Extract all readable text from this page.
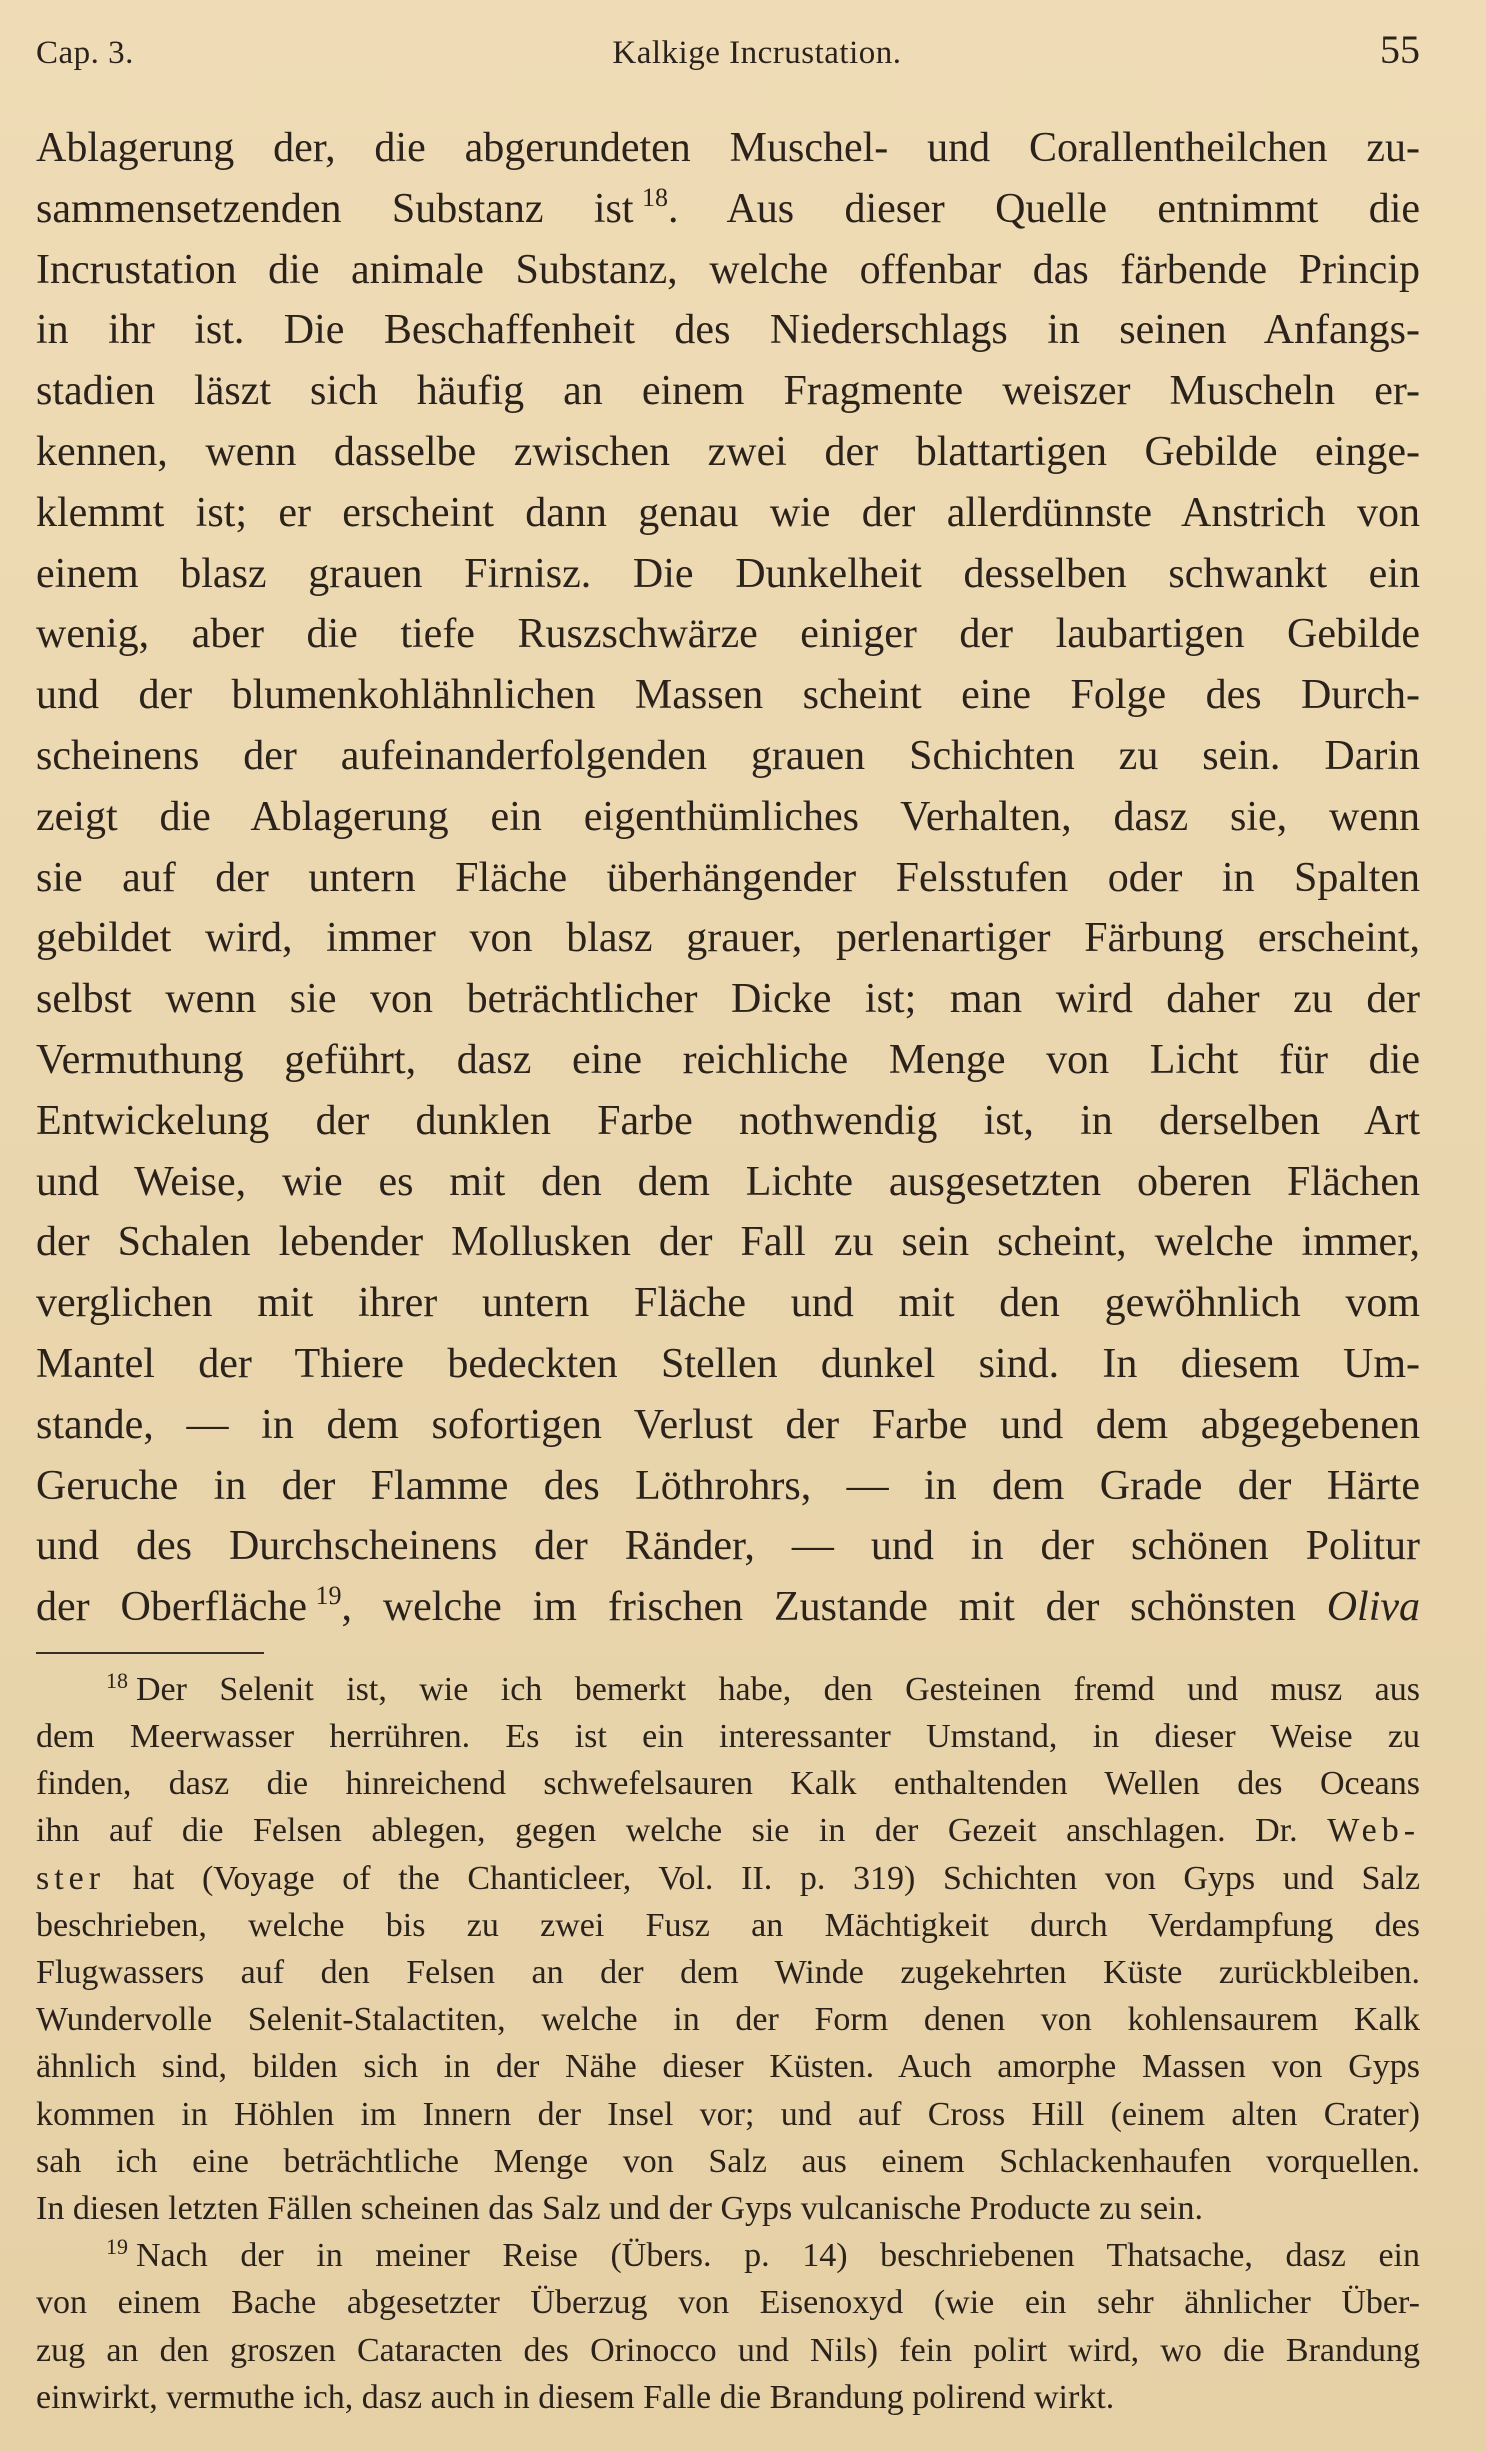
Cap. 3.	Kalkige Incrustation.	55
Ablagerung der, die abgerundeten Muschel- und Corallentheilchen zu-
sammensetzenden Substanz ist  $^{18}$. Aus dieser Quelle entnimmt die
Incrustation die animale Substanz, welche offenbar das färbende Princip
in ihr ist. Die Beschaffenheit des Niederschlags in seinen Anfangs-
stadien läszt sich häufig an einem Fragmente weiszer Muscheln er-
kennen, wenn dasselbe zwischen zwei der blattartigen Gebilde einge-
klemmt ist; er erscheint dann genau wie der allerdünnste Anstrich von
einem blasz grauen Firnisz. Die Dunkelheit desselben schwankt ein
wenig, aber die tiefe Ruszschwärze einiger der laubartigen Gebilde
und der blumenkohlähnlichen Massen scheint eine Folge des Durch-
scheinens der aufeinanderfolgenden grauen Schichten zu sein. Darin
zeigt die Ablagerung ein eigenthümliches Verhalten, dasz sie, wenn
sie auf der untern Fläche überhängender Felsstufen oder in Spalten
gebildet wird, immer von blasz grauer, perlenartiger Färbung erscheint,
selbst wenn sie von beträchtlicher Dicke ist; man wird daher zu der
Vermuthung geführt, dasz eine reichliche Menge von Licht für die
Entwickelung der dunklen Farbe nothwendig ist, in derselben Art
und Weise, wie es mit den dem Lichte ausgesetzten oberen Flächen
der Schalen lebender Mollusken der Fall zu sein scheint, welche immer,
verglichen mit ihrer untern Fläche und mit den gewöhnlich vom
Mantel der Thiere bedeckten Stellen dunkel sind. In diesem Um-
stande, — in dem sofortigen Verlust der Farbe und dem abgegebenen
Geruche in der Flamme des Löthrohrs, — in dem Grade der Härte
und des Durchscheinens der Ränder, — und in der schönen Politur
der Oberfläche  $^{19}$, welche im frischen Zustande mit der schönsten Oliva
$^{18}$ Der Selenit ist, wie ich bemerkt habe, den Gesteinen fremd und musz aus
dem Meerwasser herrühren. Es ist ein interessanter Umstand, in dieser Weise zu
finden, dasz die hinreichend schwefelsauren Kalk enthaltenden Wellen des Oceans
ihn auf die Felsen ablegen, gegen welche sie in der Gezeit anschlagen. Dr. Web-
ster hat (Voyage of the Chanticleer, Vol. II. p. 319) Schichten von Gyps und Salz
beschrieben, welche bis zu zwei Fusz an Mächtigkeit durch Verdampfung des
Flugwassers auf den Felsen an der dem Winde zugekehrten Küste zurückbleiben.
Wundervolle Selenit-Stalactiten, welche in der Form denen von kohlensaurem Kalk
ähnlich sind, bilden sich in der Nähe dieser Küsten. Auch amorphe Massen von Gyps
kommen in Höhlen im Innern der Insel vor; und auf Cross Hill (einem alten Crater)
sah ich eine beträchtliche Menge von Salz aus einem Schlackenhaufen vorquellen.
In diesen letzten Fällen scheinen das Salz und der Gyps vulcanische Producte zu sein.
$^{19}$ Nach der in meiner Reise (Übers. p. 14) beschriebenen Thatsache, dasz ein
von einem Bache abgesetzter Überzug von Eisenoxyd (wie ein sehr ähnlicher Über-
zug an den groszen Cataracten des Orinocco und Nils) fein polirt wird, wo die Brandung
einwirkt, vermuthe ich, dasz auch in diesem Falle die Brandung polirend wirkt.
